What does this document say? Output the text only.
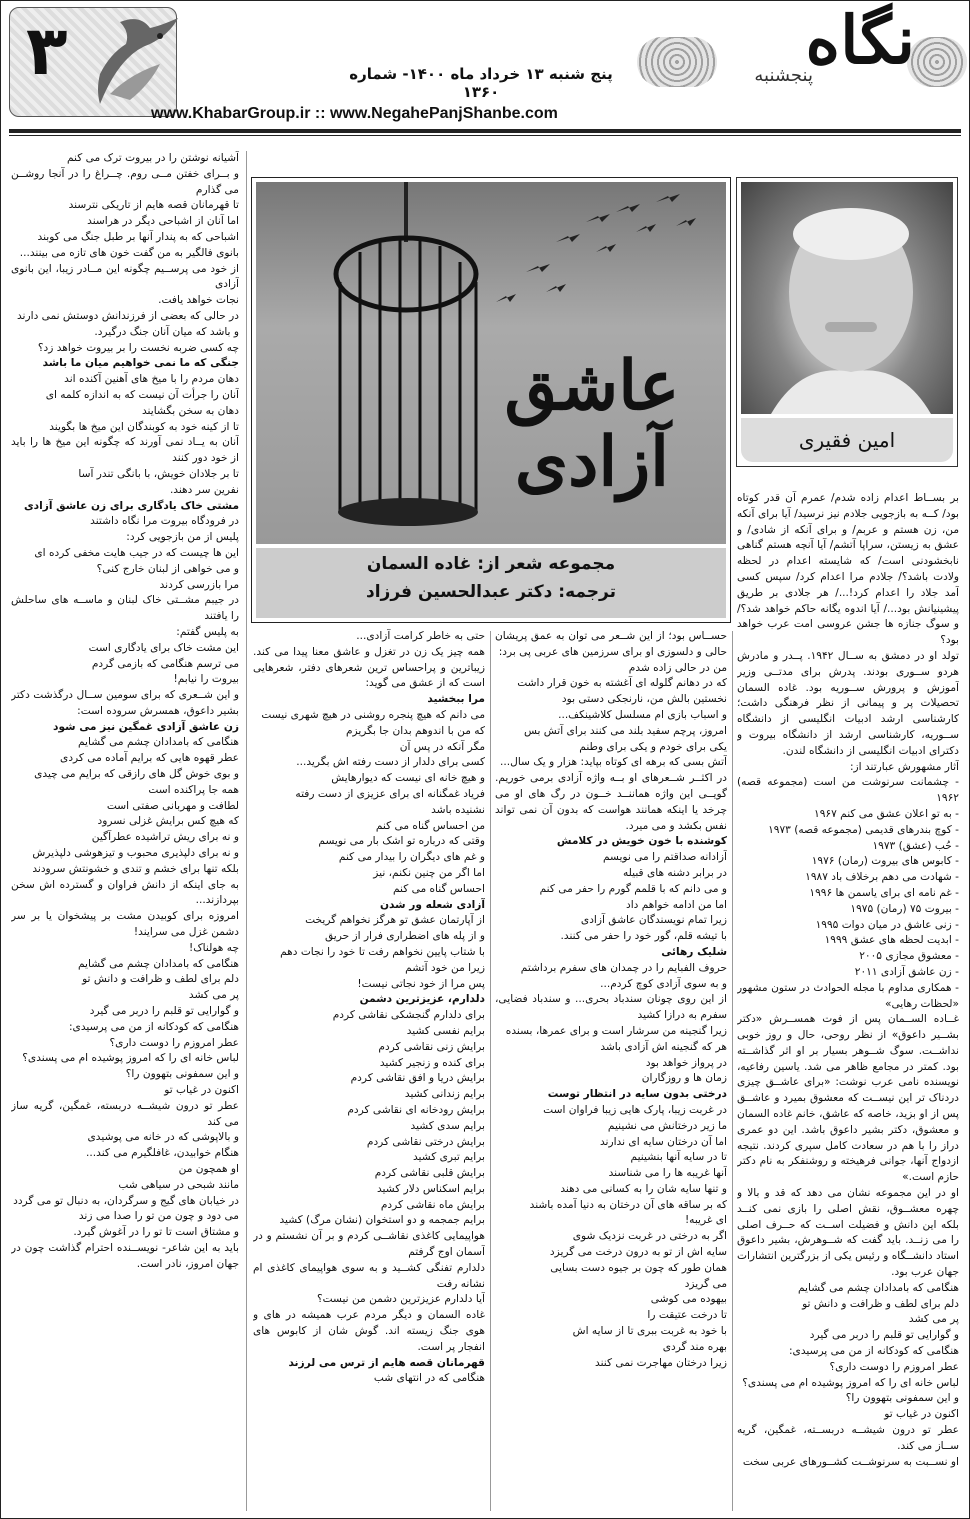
۳	نگاه
پنجشنبه
پنج شنبه ۱۳ خرداد ماه ۱۴۰۰- شماره ۱۳۶۰
www.KhabarGroup.ir :: www.NegahePanjShanbe.com
امین فقیری
عاشق
آزادی
مجموعه شعر از: غاده السمان
ترجمه: دکتر عبدالحسین فرزاد

بر بســاط اعدام زاده شدم/ عمرم آن قدر کوتاه بود/ کــه به بازجویی جلادم نیز نرسید/ آیا برای آنکه من، زن هستم و عربم/ و برای آنکه از شادی/ و عشق به زیستن، سراپا آتشم/ آیا آنچه هستم گناهی نابخشودنی است/ که شایسته اعدام در لحظه ولادت باشد؟/ جلادم مرا اعدام کرد/ سپس کسی آمد جلاد را اعدام کرد!.../ هر جلادی بر طریق پیشینیانش بود.../ آیا اندوه یگانه حاکم خواهد شد؟/ و سوگ جنازه ها جشن عروسی امت عرب خواهد بود؟

تولد او در دمشق به ســال ۱۹۴۲. پــدر و مادرش هردو ســوری بودند. پدرش برای مدتــی وزیر آموزش و پرورش ســوریه بود. غاده السمان تحصیلات پر و پیمانی از نظر فرهنگی داشت؛ کارشناسی ارشد ادبیات انگلیسی از دانشگاه ســوریه، کارشناسی ارشد از دانشگاه بیروت و دکترای ادبیات انگلیسی از دانشگاه لندن.

آثار مشهورش عبارتند از:

- چشمانت سرنوشت من است (مجموعه قصه) ۱۹۶۲

- به تو اعلان عشق می کنم ۱۹۶۷

- کوچ بندرهای قدیمی (مجموعه قصه) ۱۹۷۳

- حُب (عشق) ۱۹۷۳

- کابوس های بیروت (رمان) ۱۹۷۶

- شهادت می دهم برخلاف باد ۱۹۸۷

- غم نامه ای برای یاسمن ها ۱۹۹۶

- بیروت ۷۵ (رمان) ۱۹۷۵

- زنی عاشق در میان دوات ۱۹۹۵

- ابدیت لحظه های عشق ۱۹۹۹

- معشوق مجازی ۲۰۰۵

- زن عاشق آزادی ۲۰۱۱

- همکاری مداوم با مجله الحوادث در ستون مشهور «لحظات رهایی»

غــاده الســمان پس از فوت همســرش «دکتر بشــیر داعوق» از نظر روحی، حال و روز خوبی نداشــت. سوگ شــوهر بسیار بر او اثر گذاشــته بود. کمتر در مجامع ظاهر می شد. یاسین رفاعیه، نویسنده نامی عرب نوشت: «برای عاشــق چیزی دردناک تر این نیســت که معشوق بمیرد و عاشــق پس از او بزید، خاصه که عاشق، خانم غاده السمان و معشوق، دکتر بشیر داعوق باشد. این دو عمری دراز را با هم در سعادت کامل سپری کردند. نتیجه ازدواج آنها، جوانی فرهیخته و روشنفکر به نام دکتر حازم است.»

او در این مجموعه نشان می دهد که قد و بالا و چهره معشــوق، نقش اصلی را بازی نمی کنــد بلکه این دانش و فضیلت اســت که حــرف اصلی را می زنــد. باید گفت که شــوهرش، بشیر داعوق استاد دانشــگاه و رئیس یکی از بزرگترین انتشارات جهان عرب بود.

هنگامی که بامدادان چشم می گشایم

دلم برای لطف و ظرافت و دانش تو

پر می کشد

و گوارایی تو قلبم را دربر می گیرد

هنگامی که کودکانه از من می پرسیدی:

عطر امروزم را دوست داری؟

لباس خانه ای را که امروز پوشیده ام می پسندی؟

و این سمفونی بتهوون را؟

اکنون در غیاب تو

عطر تو درون شیشــه دربســته، غمگین، گریه ســاز می کند.

او نســبت به سرنوشــت کشــورهای عربی سخت

حســاس بود؛ از این شــعر می توان به عمق پریشان حالی و دلسوزی او برای سرزمین های عربی پی برد:

من در حالی زاده شدم

که در دهانم گلوله ای آغشته به خون قرار داشت

نخستین بالش من، نارنجکی دستی بود

و اسباب بازی ام مسلسل کلاشینکف...

امروز، پرچم سفید بلند می کنند برای آتش بس

یکی برای خودم و یکی برای وطنم

آتش بسی که برهه ای کوتاه بپاید: هزار و یک سال...

در اکثــر شــعرهای او بــه واژه آزادی برمی خوریم. گویــی این واژه هماننــد خــون در رگ های او می چرخد یا اینکه همانند هواست که بدون آن نمی تواند نفس بکشد و می میرد.

کوشنده با خون خویش در کلامش

آزادانه صداقتم را می نویسم

در برابر دشنه های قبیله

و می دانم که با قلمم گورم را حفر می کنم

اما من ادامه خواهم داد

زیرا تمام نویسندگان عاشق آزادی

با تیشه قلم، گور خود را حفر می کنند.

شلیک رهائی

حروف الفبایم را در چمدان های سفرم برداشتم

و به سوی آزادی کوچ کردم...

از این روی چونان سندباد بحری... و سندباد فضایی، سفرم به درازا کشید

زیرا گنجینه من سرشار است و برای عمرها، بسنده

هر که گنجینه اش آزادی باشد

در پرواز خواهد بود

زمان ها و روزگاران

درختی بدون سایه در انتظار توست

در غربت زیبا، پارک هایی زیبا فراوان است

ما زیر درختانش می نشینیم

اما آن درختان سایه ای ندارند

تا در سایه آنها بنشینیم

آنها غریبه ها را می شناسند

و تنها سایه شان را به کسانی می دهند

که بر ساقه های آن درختان به دنیا آمده باشند

ای غریبه!

اگر به درختی در غربت نزدیک شوی

سایه اش از تو به درون درخت می گریزد

همان طور که چون بر جیوه دست بسایی

می گریزد

بیهوده می کوشی

تا درخت عتیقت را

با خود به غربت ببری تا از سایه اش

بهره مند گردی

زیرا درختان مهاجرت نمی کنند

حتی به خاطر کرامت آزادی...

همه چیز یک زن در تغزل و عاشق معنا پیدا می کند. زیباترین و پراحساس ترین شعرهای دفتر، شعرهایی است که از عشق می گوید:

مرا ببخشید

می دانم که هیچ پنجره روشنی در هیچ شهری نیست

که من با اندوهم بدان جا بگریزم

مگر آنکه در پس آن

کسی برای دلدار از دست رفته اش بگرید...

و هیچ خانه ای نیست که دیوارهایش

فریاد غمگنانه ای برای عزیزی از دست رفته

نشنیده باشد

من احساس گناه می کنم

وقتی که درباره تو اشک بار می نویسم

و غم های دیگران را بیدار می کنم

اما اگر من چنین نکنم، نیز

احساس گناه می کنم

آزادی شعله ور شدن

از آپارتمان عشق تو هرگز نخواهم گریخت

و از پله های اضطراری فرار از حریق

با شتاب پایین نخواهم رفت تا خود را نجات دهم

زیرا من خود آتشم

پس مرا از خود نجاتی نیست!

دلدارم، عزیزترین دشمن

برای دلدارم گنجشکی نقاشی کردم

برایم نفسی کشید

برایش زنی نقاشی کردم

برای کنده و زنجیر کشید

برایش دریا و افق نقاشی کردم

برایم زندانی کشید

برایش رودخانه ای نقاشی کردم

برایم سدی کشید

برایش درختی نقاشی کردم

برایم تبری کشید

برایش قلبی نقاشی کردم

برایم اسکناس دلار کشید

برایش ماه نقاشی کردم

برایم جمجمه و دو استخوان (نشان مرگ) کشید

هواپیمایی کاغذی نقاشــی کردم و بر آن نشستم و در آسمان اوج گرفتم

دلدارم تفنگی کشــید و به سوی هواپیمای کاغذی ام نشانه رفت

آیا دلدارم عزیزترین دشمن من نیست؟

غاده السمان و دیگر مردم عرب همیشه در های و هوی جنگ زیسته اند. گوش شان از کابوس های انفجار پر است.

قهرمانان قصه هایم از ترس می لرزند

هنگامی که در انتهای شب

آشیانه نوشتن را در بیروت ترک می کنم

و بــرای خفتن مــی روم. چــراغ را در آنجا روشــن می گذارم

تا قهرمانان قصه هایم از تاریکی نترسند

اما آنان از اشباحی دیگر در هراسند

اشباحی که به پندار آنها بر طبل جنگ می کوبند

بانوی فالگیر به من گفت خون های تازه می بینند...

از خود می پرســیم چگونه این مــادر زیبا، این بانوی آزادی

نجات خواهد یافت.

در حالی که بعضی از فرزندانش دوستش نمی دارند

و باشد که میان آنان جنگ درگیرد.

چه کسی ضربه نخست را بر بیروت خواهد زد؟

جنگی که ما نمی خواهیم میان ما باشد

دهان مردم را با میخ های آهنین آکنده اند

آنان را جرأت آن نیست که به اندازه کلمه ای

دهان به سخن بگشایند

تا از کینه خود به کوبندگان این میخ ها بگویند

آنان به یــاد نمی آورند که چگونه این میخ ها را باید از خود دور کنند

تا بر جلادان خویش، با بانگی تندر آسا

نفرین سر دهند.

مشتی خاک یادگاری برای زن عاشق آزادی

در فرودگاه بیروت مرا نگاه داشتند

پلیس از من بازجویی کرد:

این ها چیست که در جیب هایت مخفی کرده ای

و می خواهی از لبنان خارج کنی؟

مرا بازرسی کردند

در جیبم مشــتی خاک لبنان و ماســه های ساحلش را یافتند

به پلیس گفتم:

این مشت خاک برای یادگاری است

می ترسم هنگامی که بازمی گردم

بیروت را نیابم!

و این شــعری که برای سومین ســال درگذشت دکتر بشیر داعوق، همسرش سروده است:

زن عاشق آزادی غمگین نیز می شود

هنگامی که بامدادان چشم می گشایم

عطر قهوه هایی که برایم آماده می کردی

و بوی خوش گل های رازقی که برایم می چیدی

همه جا پراکنده است

لطافت و مهربانی صفتی است

که هیچ کس برایش غزلی نسرود

و نه برای ریش تراشیده عطرآگین

و نه برای دلپذیری محبوب و تیزهوشی دلپذیرش

بلکه تنها برای خشم و تندی و خشونتش سرودند

به جای اینکه از دانش فراوان و گسترده اش سخن بپردازند...

امروزه برای کوبیدن مشت بر پیشخوان یا بر سر دشمن غزل می سرایند!

چه هولناک!

هنگامی که بامدادان چشم می گشایم

دلم برای لطف و ظرافت و دانش تو

پر می کشد

و گوارایی تو قلبم را دربر می گیرد

هنگامی که کودکانه از من می پرسیدی:

عطر امروزم را دوست داری؟

لباس خانه ای را که امروز پوشیده ام می پسندی؟

و این سمفونی بتهوون را؟

اکنون در غیاب تو

عطر تو درون شیشــه دربسته، غمگین، گریه ساز می کند

و بالاپوشی که در خانه می پوشیدی

هنگام خوابیدن، غافلگیرم می کند...

او همچون من

مانند شبحی در سیاهی شب

در خیابان های گیج و سرگردان، به دنبال تو می گردد

می دود و چون من تو را صدا می زند

و مشتاق است تا تو را در آغوش گیرد.

باید به این شاعر- نویســنده احترام گذاشت چون در جهان امروز، نادر است.
